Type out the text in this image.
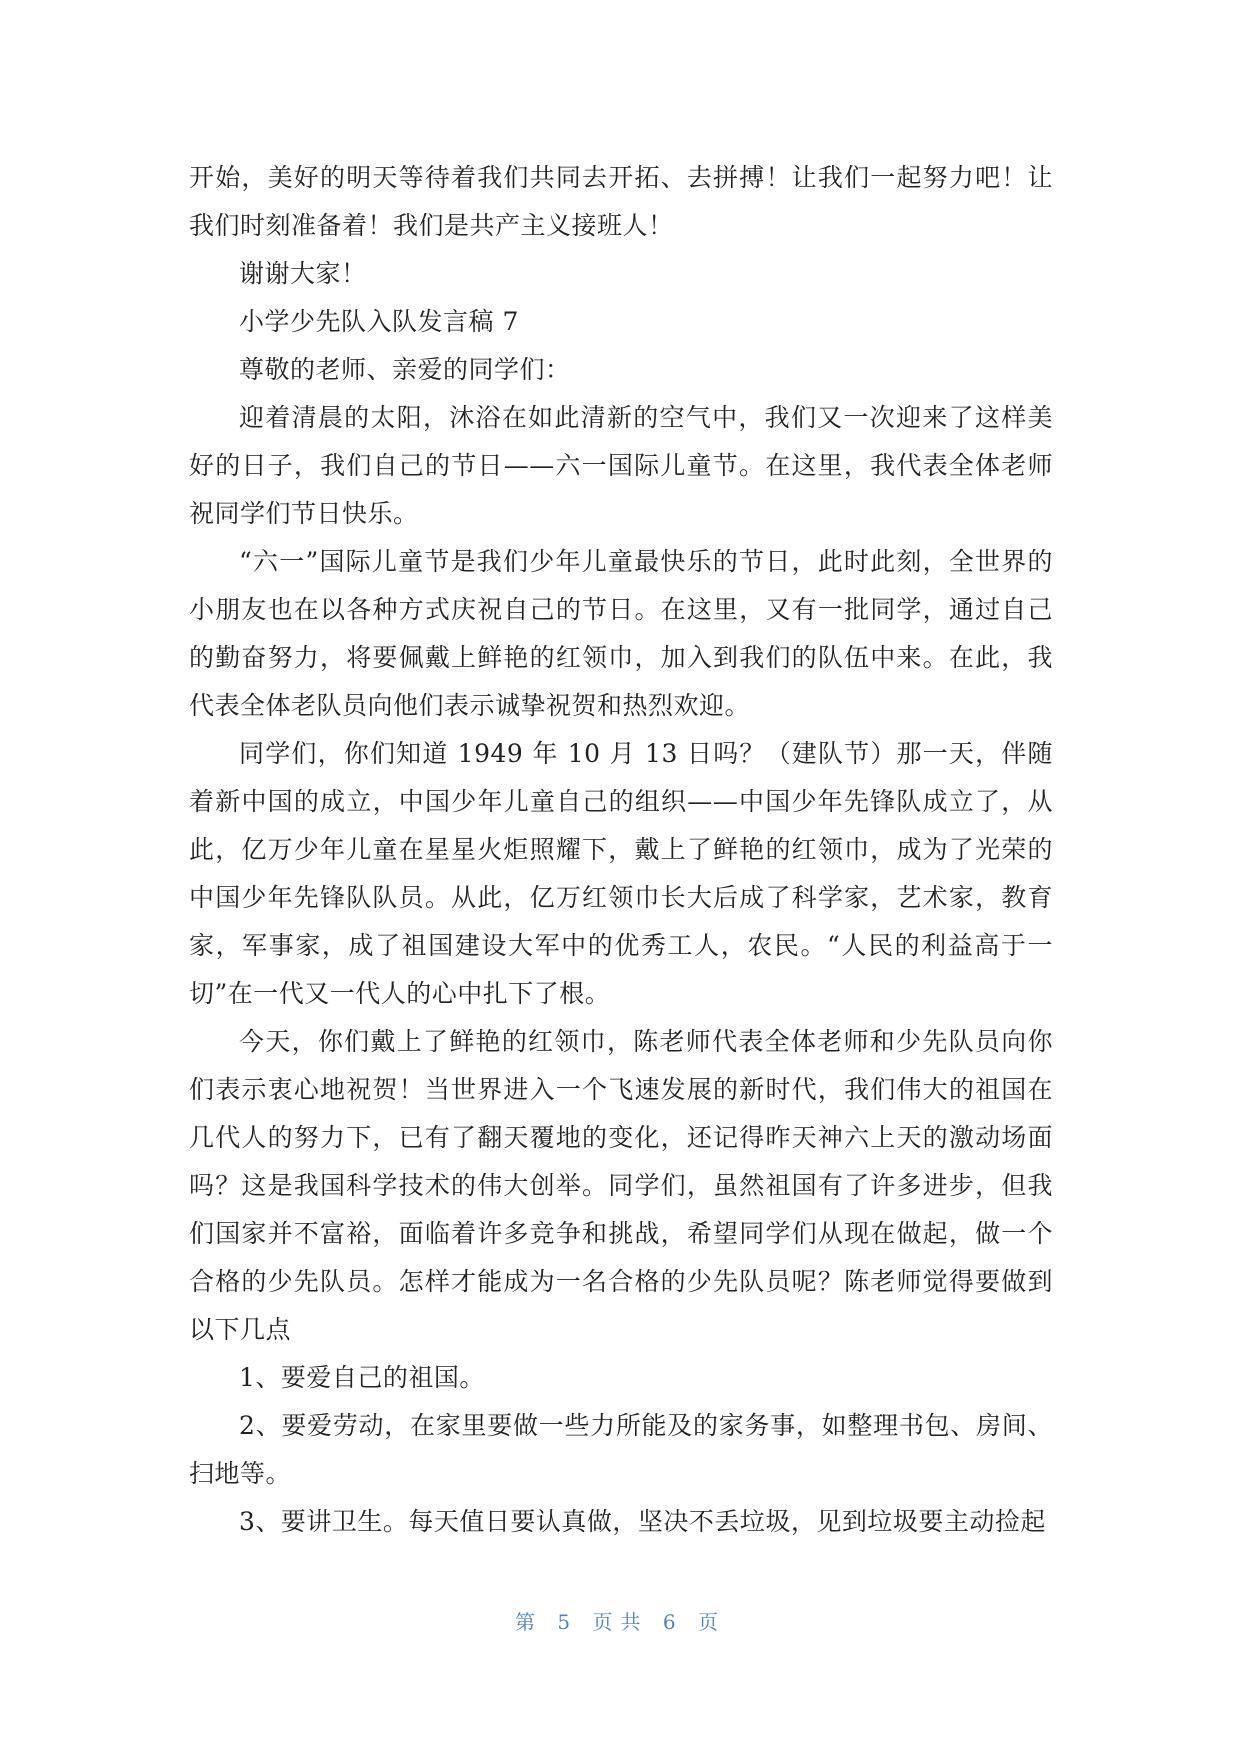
开始，美好的明天等待着我们共同去开拓、去拼搏！让我们一起努力吧！让我们时刻准备着！我们是共产主义接班人！

谢谢大家！

小学少先队入队发言稿 7

尊敬的老师、亲爱的同学们：

迎着清晨的太阳，沐浴在如此清新的空气中，我们又一次迎来了这样美好的日子，我们自己的节日——六一国际儿童节。在这里，我代表全体老师祝同学们节日快乐。

“六一”国际儿童节是我们少年儿童最快乐的节日，此时此刻，全世界的小朋友也在以各种方式庆祝自己的节日。在这里，又有一批同学，通过自己的勤奋努力，将要佩戴上鲜艳的红领巾，加入到我们的队伍中来。在此，我代表全体老队员向他们表示诚挚祝贺和热烈欢迎。

同学们，你们知道 1949 年 10 月 13 日吗？（建队节）那一天，伴随着新中国的成立，中国少年儿童自己的组织——中国少年先锋队成立了，从此，亿万少年儿童在星星火炬照耀下，戴上了鲜艳的红领巾，成为了光荣的中国少年先锋队队员。从此，亿万红领巾长大后成了科学家，艺术家，教育家，军事家，成了祖国建设大军中的优秀工人，农民。“人民的利益高于一切”在一代又一代人的心中扎下了根。

今天，你们戴上了鲜艳的红领巾，陈老师代表全体老师和少先队员向你们表示衷心地祝贺！当世界进入一个飞速发展的新时代，我们伟大的祖国在几代人的努力下，已有了翻天覆地的变化，还记得昨天神六上天的激动场面吗？这是我国科学技术的伟大创举。同学们，虽然祖国有了许多进步，但我们国家并不富裕，面临着许多竞争和挑战，希望同学们从现在做起，做一个合格的少先队员。怎样才能成为一名合格的少先队员呢？陈老师觉得要做到以下几点

1、要爱自己的祖国。

2、要爱劳动，在家里要做一些力所能及的家务事，如整理书包、房间、扫地等。

3、要讲卫生。每天值日要认真做，坚决不丢垃圾，见到垃圾要主动捡起

第 5 页共 6 页
